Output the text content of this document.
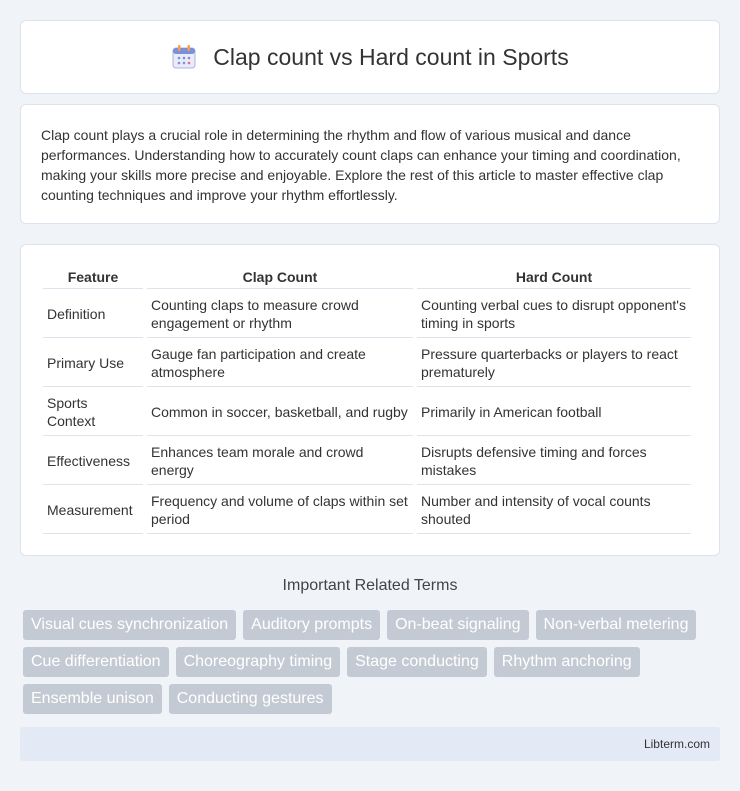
Clap count vs Hard count in Sports

Clap count plays a crucial role in determining the rhythm and flow of various musical and dance performances. Understanding how to accurately count claps can enhance your timing and coordination, making your skills more precise and enjoyable. Explore the rest of this article to master effective clap counting techniques and improve your rhythm effortlessly.

Feature	Clap Count	Hard Count
Definition	Counting claps to measure crowd engagement or rhythm	Counting verbal cues to disrupt opponent's timing in sports
Primary Use	Gauge fan participation and create atmosphere	Pressure quarterbacks or players to react prematurely
Sports Context	Common in soccer, basketball, and rugby	Primarily in American football
Effectiveness	Enhances team morale and crowd energy	Disrupts defensive timing and forces mistakes
Measurement	Frequency and volume of claps within set period	Number and intensity of vocal counts shouted
Important Related Terms
Visual cues synchronization	Auditory prompts	On-beat signaling	Non-verbal metering
Cue differentiation	Choreography timing	Stage conducting	Rhythm anchoring
Ensemble unison	Conducting gestures
Libterm.com
